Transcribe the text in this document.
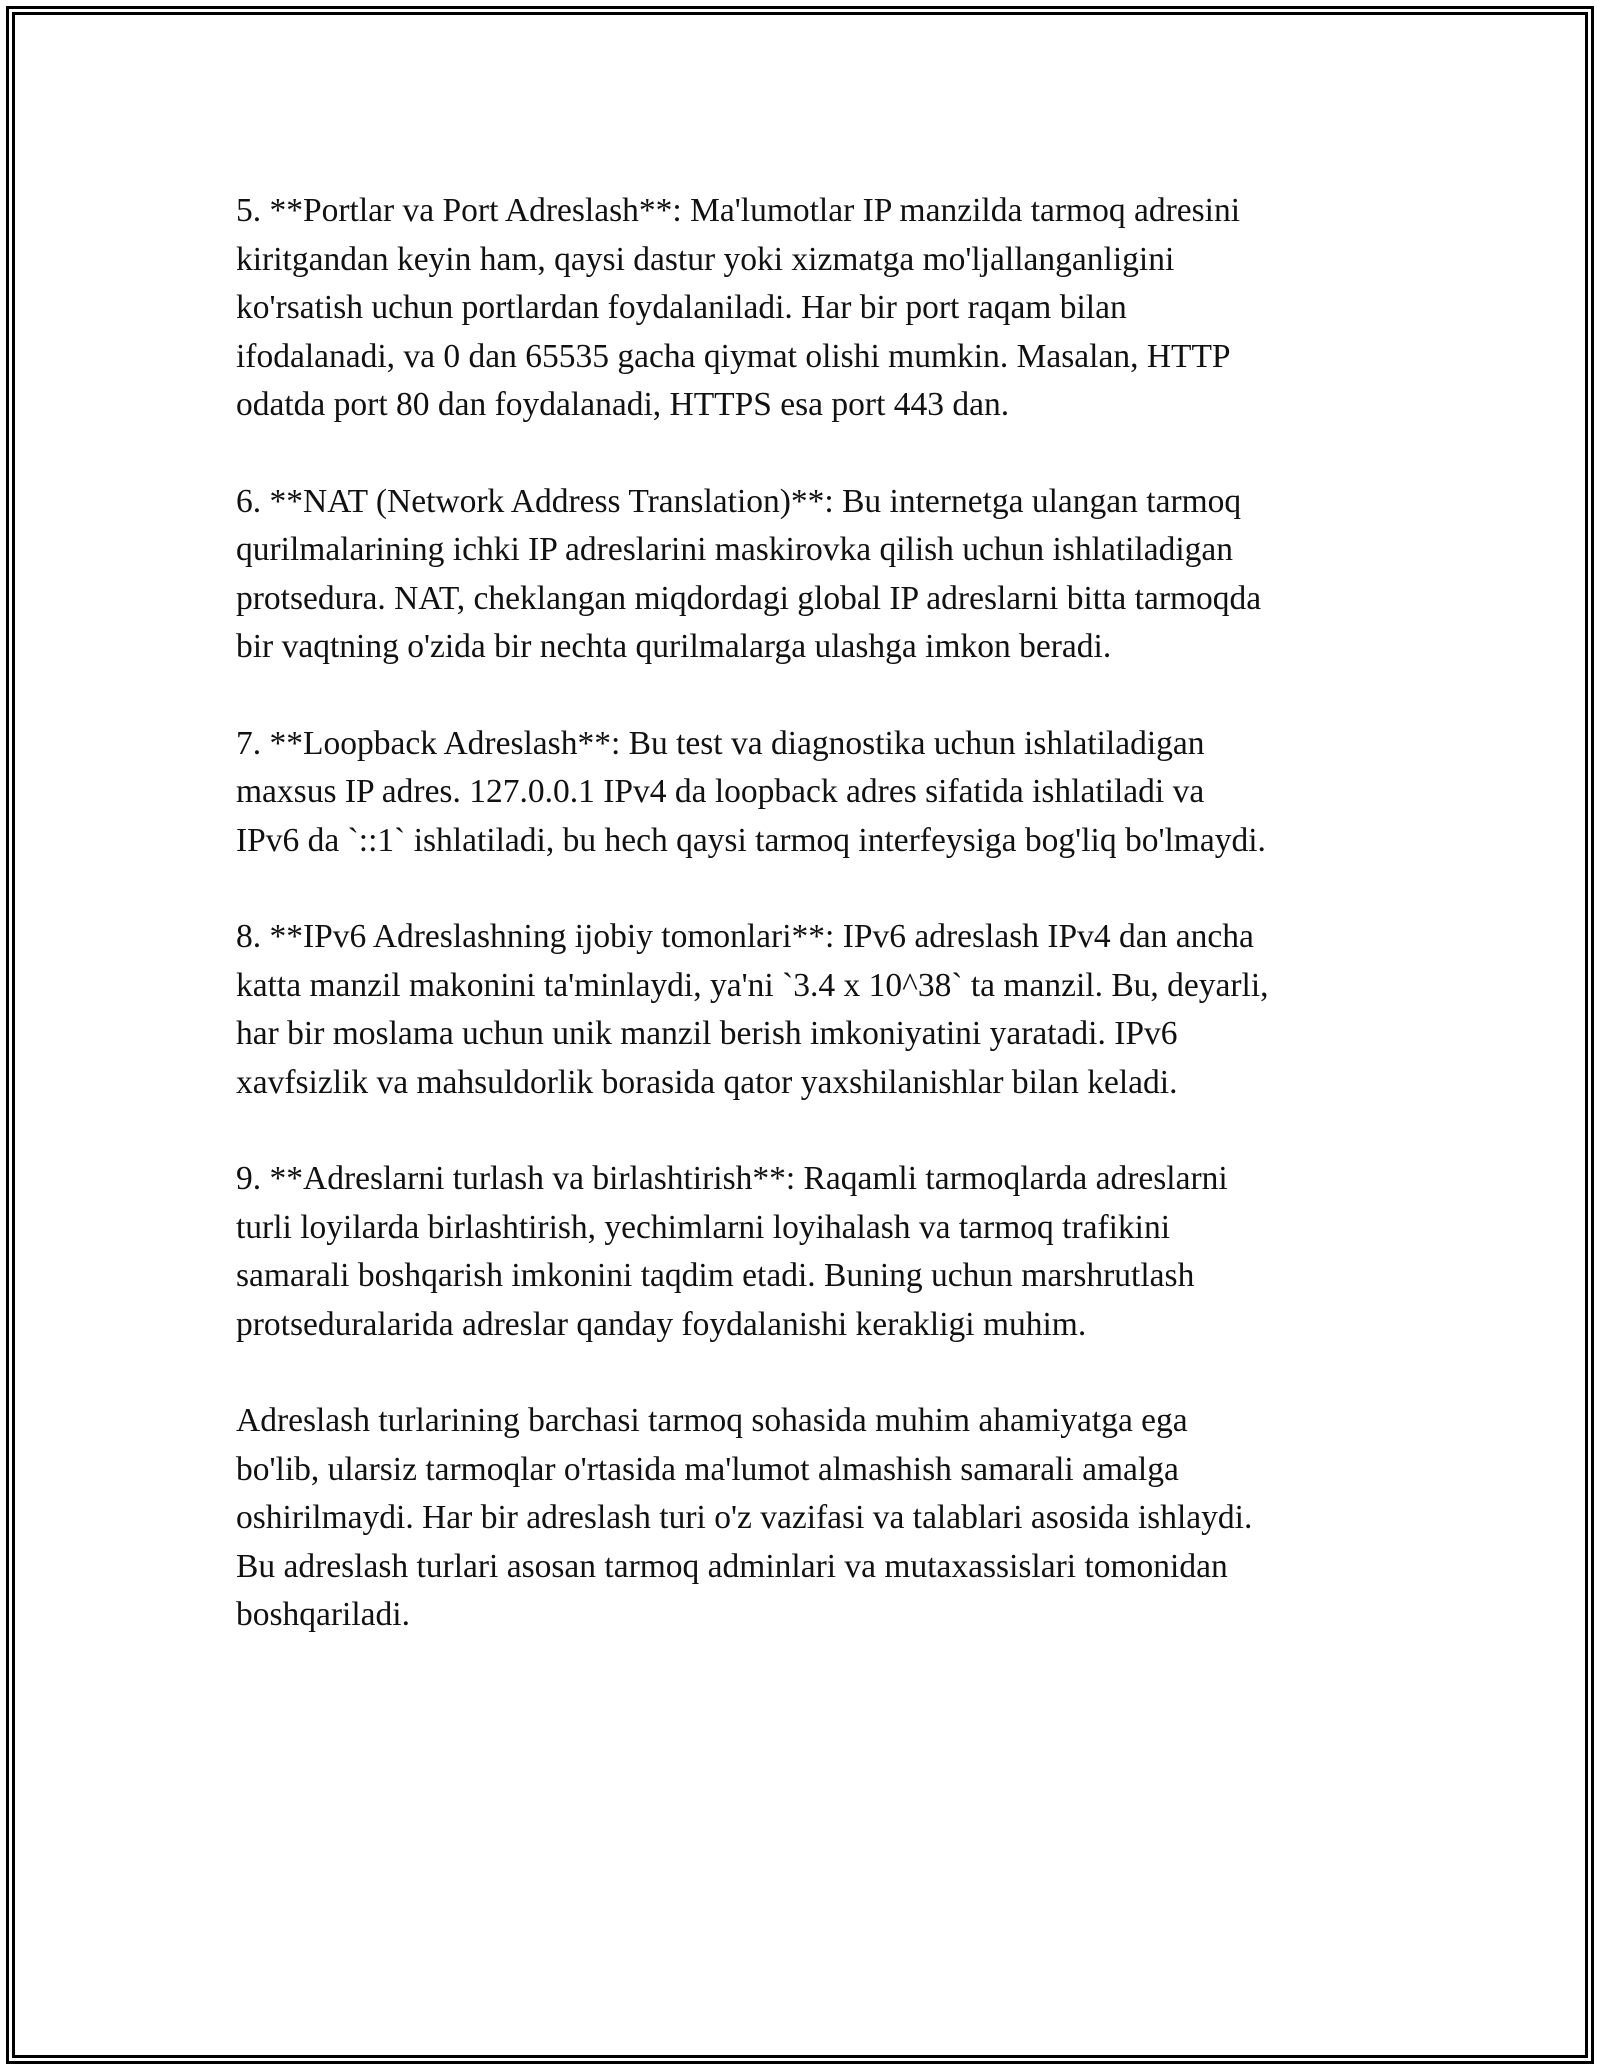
5. **Portlar va Port Adreslash**: Ma'lumotlar IP manzilda tarmoq adresini
kiritgandan keyin ham, qaysi dastur yoki xizmatga mo'ljallanganligini
ko'rsatish uchun portlardan foydalaniladi. Har bir port raqam bilan
ifodalanadi, va 0 dan 65535 gacha qiymat olishi mumkin. Masalan, HTTP
odatda port 80 dan foydalanadi, HTTPS esa port 443 dan.

6. **NAT (Network Address Translation)**: Bu internetga ulangan tarmoq
qurilmalarining ichki IP adreslarini maskirovka qilish uchun ishlatiladigan
protsedura. NAT, cheklangan miqdordagi global IP adreslarni bitta tarmoqda
bir vaqtning o'zida bir nechta qurilmalarga ulashga imkon beradi.

7. **Loopback Adreslash**: Bu test va diagnostika uchun ishlatiladigan
maxsus IP adres. 127.0.0.1 IPv4 da loopback adres sifatida ishlatiladi va
IPv6 da `::1` ishlatiladi, bu hech qaysi tarmoq interfeysiga bog'liq bo'lmaydi.

8. **IPv6 Adreslashning ijobiy tomonlari**: IPv6 adreslash IPv4 dan ancha
katta manzil makonini ta'minlaydi, ya'ni `3.4 x 10^38` ta manzil. Bu, deyarli,
har bir moslama uchun unik manzil berish imkoniyatini yaratadi. IPv6
xavfsizlik va mahsuldorlik borasida qator yaxshilanishlar bilan keladi.

9. **Adreslarni turlash va birlashtirish**: Raqamli tarmoqlarda adreslarni
turli loyilarda birlashtirish, yechimlarni loyihalash va tarmoq trafikini
samarali boshqarish imkonini taqdim etadi. Buning uchun marshrutlash
protseduralarida adreslar qanday foydalanishi kerakligi muhim.

Adreslash turlarining barchasi tarmoq sohasida muhim ahamiyatga ega
bo'lib, ularsiz tarmoqlar o'rtasida ma'lumot almashish samarali amalga
oshirilmaydi. Har bir adreslash turi o'z vazifasi va talablari asosida ishlaydi.
Bu adreslash turlari asosan tarmoq adminlari va mutaxassislari tomonidan
boshqariladi.
